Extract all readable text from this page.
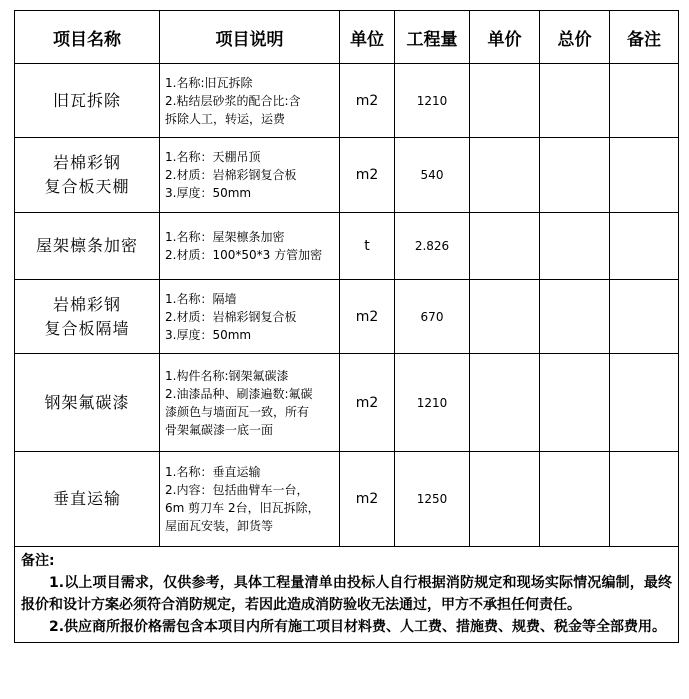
项目名称	项目说明	单位	工程量	单价	总价	备注

旧瓦拆除	1.名称:旧瓦拆除
2.粘结层砂浆的配合比:含
拆除人工，转运，运费	m2	1210			

岩棉彩钢
复合板天棚	1.名称：天棚吊顶
2.材质：岩棉彩钢复合板
3.厚度：50mm	m2	540			

屋架檩条加密	1.名称：屋架檩条加密
2.材质：100*50*3 方管加密	t	2.826			

岩棉彩钢
复合板隔墙	1.名称：隔墙
2.材质：岩棉彩钢复合板
3.厚度：50mm	m2	670			

钢架氟碳漆	1.构件名称:钢架氟碳漆
2.油漆品种、刷漆遍数:氟碳
漆颜色与墙面瓦一致，所有
骨架氟碳漆一底一面	m2	1210			

垂直运输	1.名称：垂直运输
2.内容：包括曲臂车一台，
6m 剪刀车 2台，旧瓦拆除，
屋面瓦安装，卸货等	m2	1250			

备注:
1.以上项目需求，仅供参考，具体工程量清单由投标人自行根据消防规定和现场实际情况编制，最终报价和设计方案必须符合消防规定，若因此造成消防验收无法通过，甲方不承担任何责任。
2.供应商所报价格需包含本项目内所有施工项目材料费、人工费、措施费、规费、税金等全部费用。						
